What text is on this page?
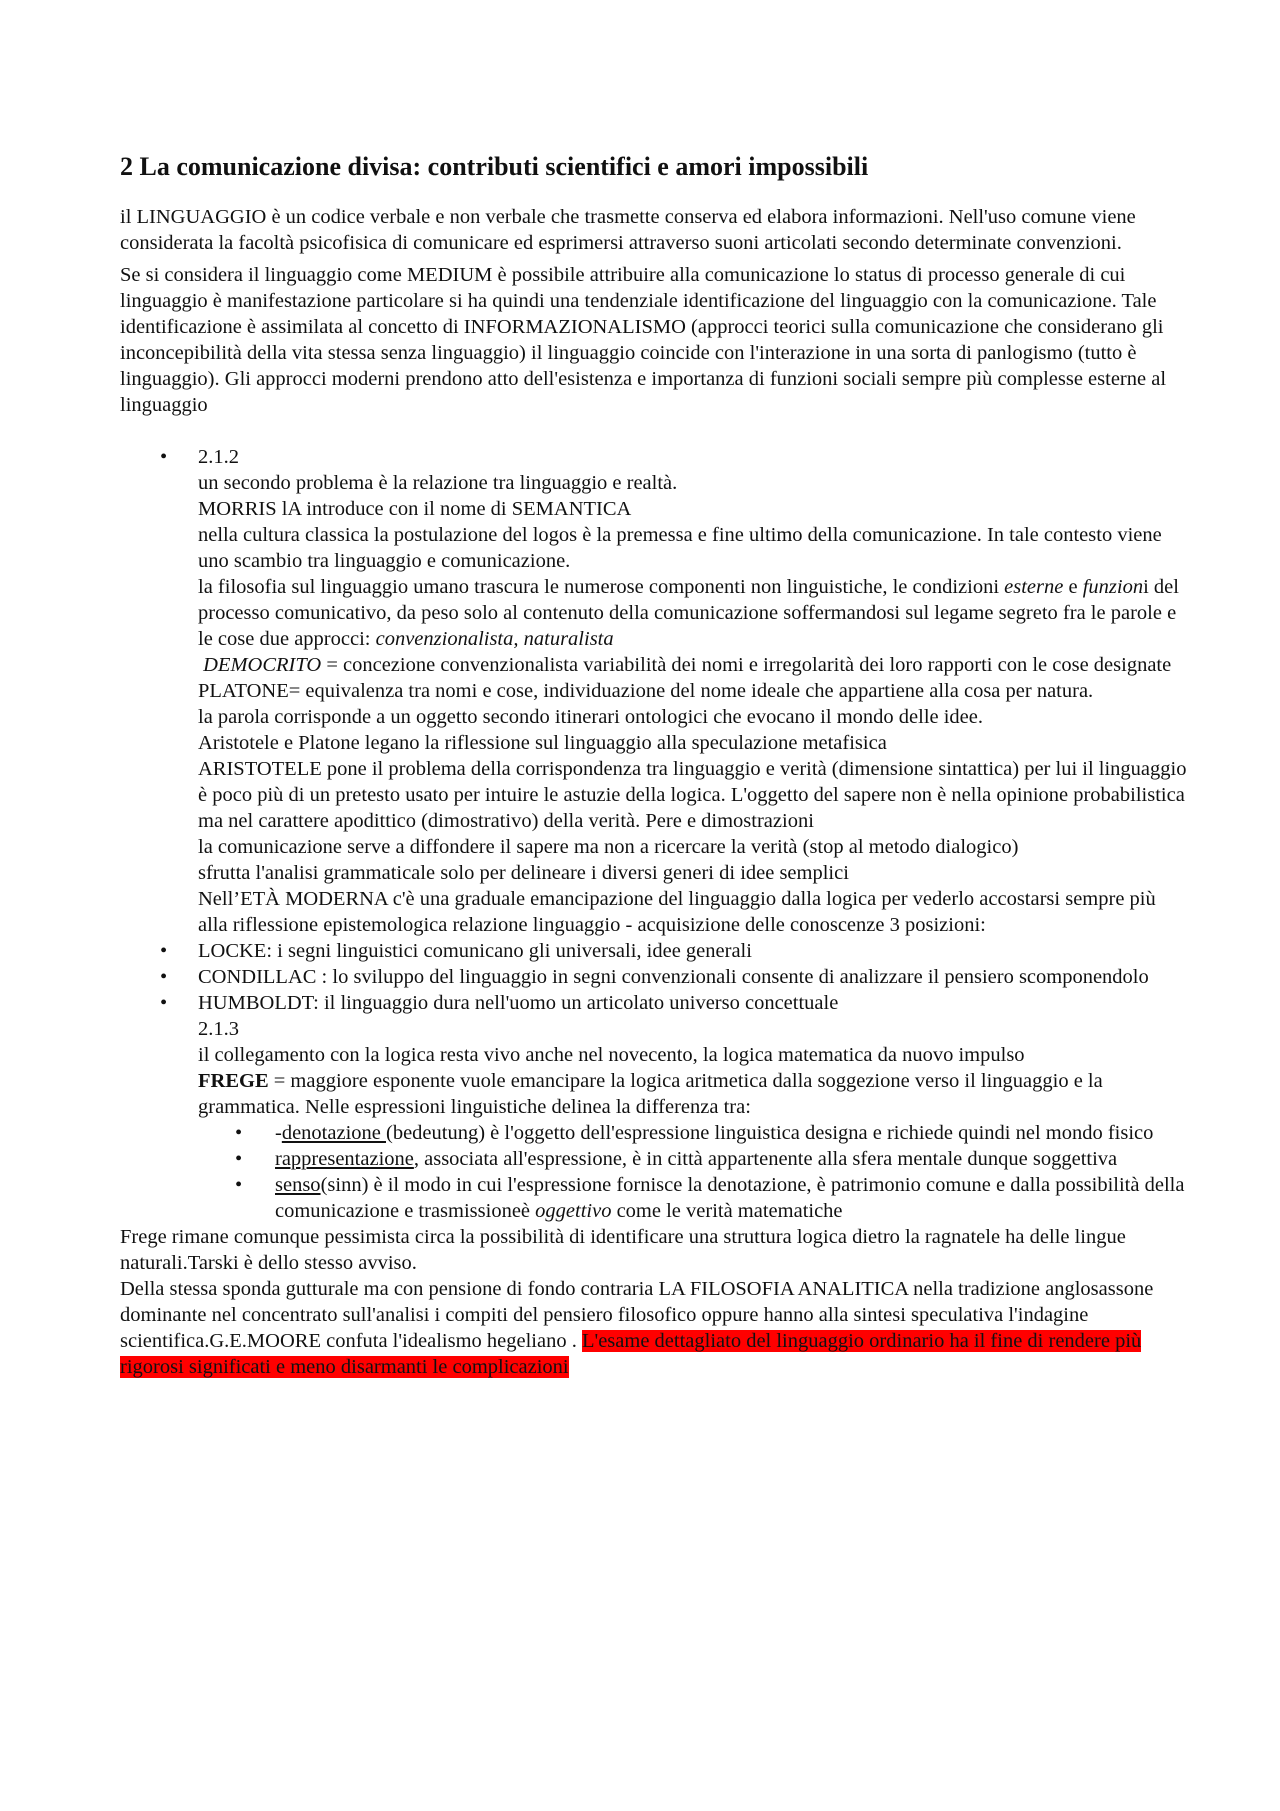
2 La comunicazione divisa: contributi scientifici e amori impossibili

il LINGUAGGIO è un codice verbale e non verbale che trasmette conserva ed elabora informazioni. Nell'uso comune viene considerata la facoltà psicofisica di comunicare ed esprimersi attraverso suoni articolati secondo determinate convenzioni.

Se si considera il linguaggio come MEDIUM è possibile attribuire alla comunicazione lo status di processo generale di cui linguaggio è manifestazione particolare si ha quindi una tendenziale identificazione del linguaggio con la comunicazione. Tale identificazione è assimilata al concetto di INFORMAZIONALISMO (approcci teorici sulla comunicazione che considerano gli inconcepibilità della vita stessa senza linguaggio) il linguaggio coincide con l'interazione in una sorta di panlogismo (tutto è linguaggio). Gli approcci moderni prendono atto dell'esistenza e importanza di funzioni sociali sempre più complesse esterne al linguaggio

• 2.1.2
un secondo problema è la relazione tra linguaggio e realtà.
MORRIS lA introduce con il nome di SEMANTICA
nella cultura classica la postulazione del logos è la premessa e fine ultimo della comunicazione. In tale contesto viene uno scambio tra linguaggio e comunicazione.
la filosofia sul linguaggio umano trascura le numerose componenti non linguistiche, le condizioni esterne e funzioni del processo comunicativo, da peso solo al contenuto della comunicazione soffermandosi sul legame segreto fra le parole e le cose due approcci: convenzionalista, naturalista
DEMOCRITO = concezione convenzionalista variabilità dei nomi e irregolarità dei loro rapporti con le cose designate
PLATONE= equivalenza tra nomi e cose, individuazione del nome ideale che appartiene alla cosa per natura.
la parola corrisponde a un oggetto secondo itinerari ontologici che evocano il mondo delle idee.
Aristotele e Platone legano la riflessione sul linguaggio alla speculazione metafisica
ARISTOTELE pone il problema della corrispondenza tra linguaggio e verità (dimensione sintattica) per lui il linguaggio è poco più di un pretesto usato per intuire le astuzie della logica. L'oggetto del sapere non è nella opinione probabilistica ma nel carattere apodittico (dimostrativo) della verità. Pere e dimostrazioni
la comunicazione serve a diffondere il sapere ma non a ricercare la verità (stop al metodo dialogico)
sfrutta l'analisi grammaticale solo per delineare i diversi generi di idee semplici
Nell’ETÀ MODERNA c'è una graduale emancipazione del linguaggio dalla logica per vederlo accostarsi sempre più alla riflessione epistemologica relazione linguaggio - acquisizione delle conoscenze 3 posizioni:
• LOCKE: i segni linguistici comunicano gli universali, idee generali
• CONDILLAC : lo sviluppo del linguaggio in segni convenzionali consente di analizzare il pensiero scomponendolo
• HUMBOLDT: il linguaggio dura nell'uomo un articolato universo concettuale
2.1.3
il collegamento con la logica resta vivo anche nel novecento, la logica matematica da nuovo impulso
FREGE = maggiore esponente vuole emancipare la logica aritmetica dalla soggezione verso il linguaggio e la grammatica. Nelle espressioni linguistiche delinea la differenza tra:
• -denotazione (bedeutung) è l'oggetto dell'espressione linguistica designa e richiede quindi nel mondo fisico
• rappresentazione, associata all'espressione, è in città appartenente alla sfera mentale dunque soggettiva
• senso(sinn) è il modo in cui l'espressione fornisce la denotazione, è patrimonio comune e dalla possibilità della comunicazione e trasmissioneè oggettivo come le verità matematiche

Frege rimane comunque pessimista circa la possibilità di identificare una struttura logica dietro la ragnatele ha delle lingue naturali.Tarski è dello stesso avviso.

Della stessa sponda gutturale ma con pensione di fondo contraria LA FILOSOFIA ANALITICA nella tradizione anglosassone dominante nel concentrato sull'analisi i compiti del pensiero filosofico oppure hanno alla sintesi speculativa l'indagine scientifica.G.E.MOORE confuta l'idealismo hegeliano . L'esame dettagliato del linguaggio ordinario ha il fine di rendere più rigorosi significati e meno disarmanti le complicazioni
